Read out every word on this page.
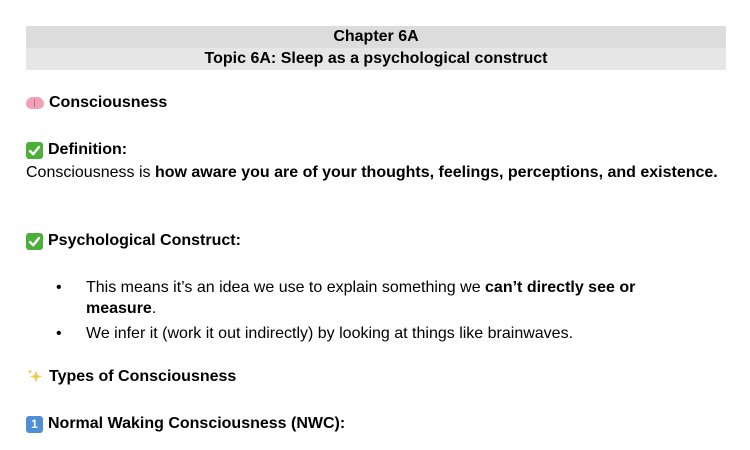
Chapter 6A
Topic 6A: Sleep as a psychological construct
Consciousness
Definition:
Consciousness is how aware you are of your thoughts, feelings, perceptions, and existence.
Psychological Construct:
• This means it’s an idea we use to explain something we can’t directly see or measure.
• We infer it (work it out indirectly) by looking at things like brainwaves.
Types of Consciousness
1 Normal Waking Consciousness (NWC):
